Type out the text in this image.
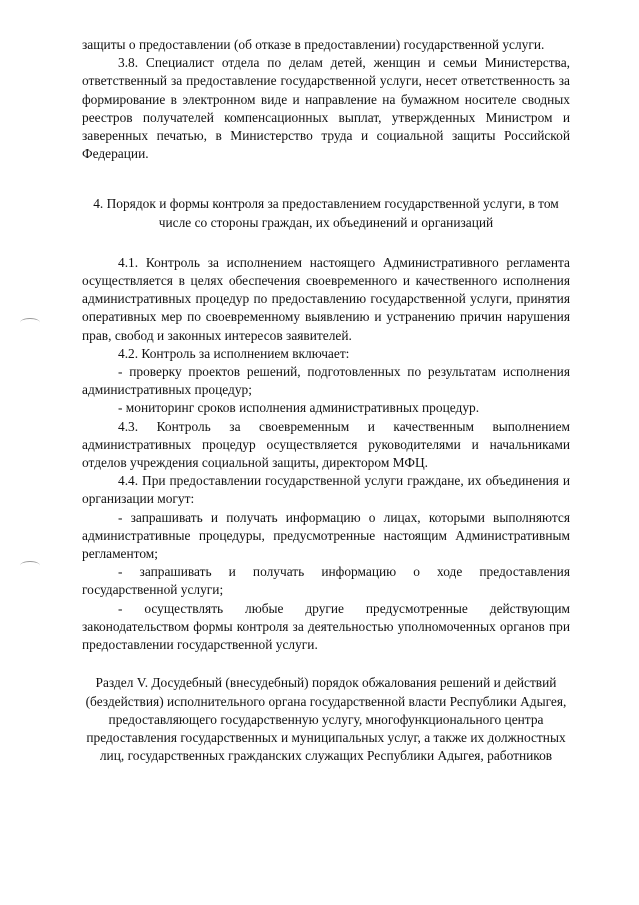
защиты о предоставлении (об отказе в предоставлении) государственной услуги.

3.8. Специалист отдела по делам детей, женщин и семьи Министерства, ответственный за предоставление государственной услуги, несет ответственность за формирование в электронном виде и направление на бумажном носителе сводных реестров получателей компенсационных выплат, утвержденных Министром и заверенных печатью, в Министерство труда и социальной защиты Российской Федерации.

4. Порядок и формы контроля за предоставлением государственной услуги, в том числе со стороны граждан, их объединений и организаций

4.1. Контроль за исполнением настоящего Административного регламента осуществляется в целях обеспечения своевременного и качественного исполнения административных процедур по предоставлению государственной услуги, принятия оперативных мер по своевременному выявлению и устранению причин нарушения прав, свобод и законных интересов заявителей.

4.2. Контроль за исполнением включает:

- проверку проектов решений, подготовленных по результатам исполнения административных процедур;

- мониторинг сроков исполнения административных процедур.

4.3. Контроль за своевременным и качественным выполнением административных процедур осуществляется руководителями и начальниками отделов учреждения социальной защиты, директором МФЦ.

4.4. При предоставлении государственной услуги граждане, их объединения и организации могут:

- запрашивать и получать информацию о лицах, которыми выполняются административные процедуры, предусмотренные настоящим Административным регламентом;

- запрашивать и получать информацию о ходе предоставления государственной услуги;

- осуществлять любые другие предусмотренные действующим законодательством формы контроля за деятельностью уполномоченных органов при предоставлении государственной услуги.

Раздел V. Досудебный (внесудебный) порядок обжалования решений и действий (бездействия) исполнительного органа государственной власти Республики Адыгея, предоставляющего государственную услугу, многофункционального центра предоставления государственных и муниципальных услуг, а также их должностных лиц, государственных гражданских служащих Республики Адыгея, работников
